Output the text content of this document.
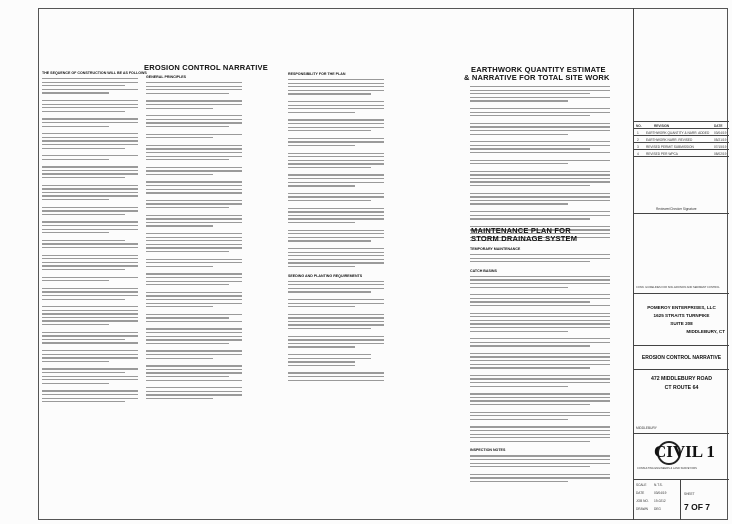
THE SEQUENCE OF CONSTRUCTION WILL BE AS FOLLOWS
EROSION CONTROL NARRATIVE
GENERAL PRINCIPLES
RESPONSIBILITY FOR THE PLAN
SEEDING AND PLANTING REQUIREMENTS
EARTHWORK QUANTITY ESTIMATE
& NARRATIVE FOR TOTAL SITE WORK
MAINTENANCE PLAN FOR
STORM DRAINAGE SYSTEM
TEMPORARY MAINTENANCE
CATCH BASINS
INSPECTION NOTES
NO.	REVISION	DATE
1 EARTHWORK QUANTITY & NARR. ADDED 03/04/19
2 EARTHWORK NARR. REVISED	05/21/19
3 REVISED PERMIT SUBMISSION	07/15/19
4 REVISED PER WPCA	08/02/19
Reviewer/Checker Signature
CONN. GUIDELINES FOR SOIL EROSION AND SEDIMENT CONTROL
POMEROY ENTERPRISES, LLC
1625 STRAITS TURNPIKE
SUITE 208
MIDDLEBURY, CT
EROSION CONTROL NARRATIVE
472 MIDDLEBURY ROAD
CT ROUTE 64
MIDDLEBURY
CIVIL 1
CONSULTING ENGINEERS & LAND SURVEYORS
SCALE N.T.S.
DATE	03/04/19
JOB NO. 19-0212
DRAWN DEG
SHEET
7 OF 7
